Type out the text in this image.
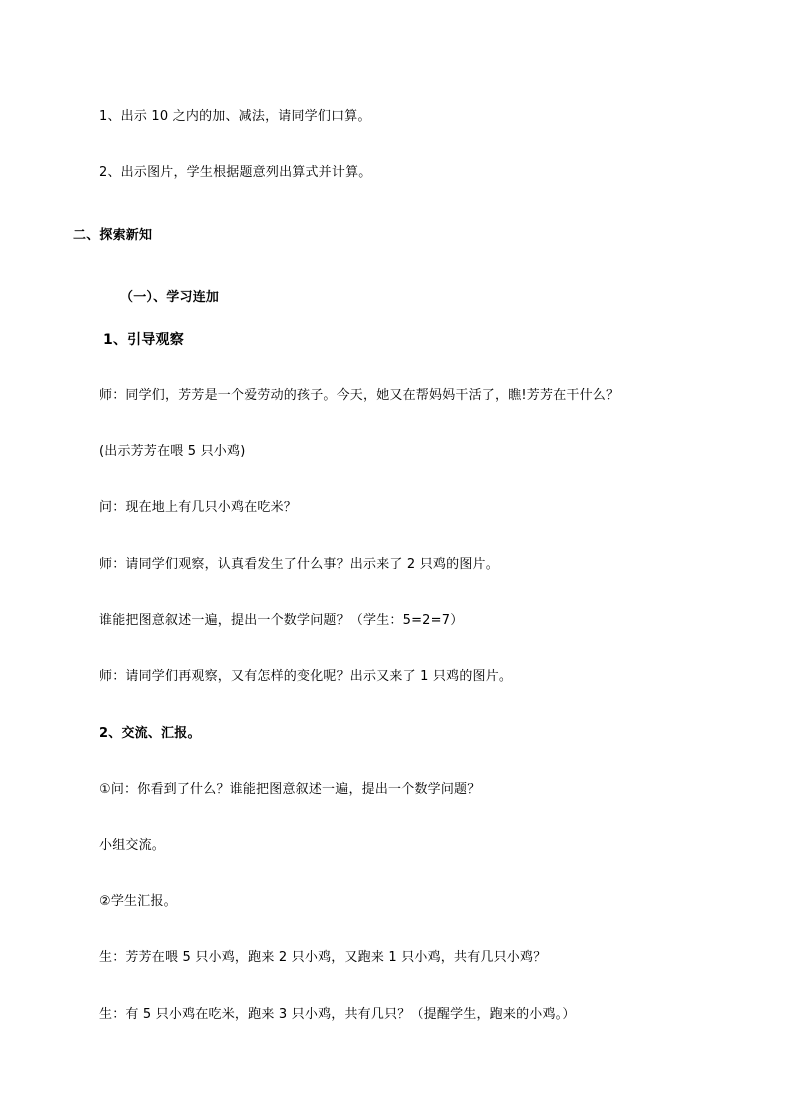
1、出示 10 之内的加、减法，请同学们口算。
2、出示图片，学生根据题意列出算式并计算。
二、探索新知
（一）、学习连加
1、引导观察
师：同学们，芳芳是一个爱劳动的孩子。今天，她又在帮妈妈干活了，瞧!芳芳在干什么？
(出示芳芳在喂 5 只小鸡)
问：现在地上有几只小鸡在吃米？
师：请同学们观察，认真看发生了什么事？出示来了 2 只鸡的图片。
谁能把图意叙述一遍，提出一个数学问题？（学生：5=2=7）
师：请同学们再观察，又有怎样的变化呢？出示又来了 1 只鸡的图片。
2、交流、汇报。
①问：你看到了什么？谁能把图意叙述一遍，提出一个数学问题？
小组交流。
②学生汇报。
生：芳芳在喂 5 只小鸡，跑来 2 只小鸡，又跑来 1 只小鸡，共有几只小鸡？
生：有 5 只小鸡在吃米，跑来 3 只小鸡，共有几只？（提醒学生，跑来的小鸡。）
